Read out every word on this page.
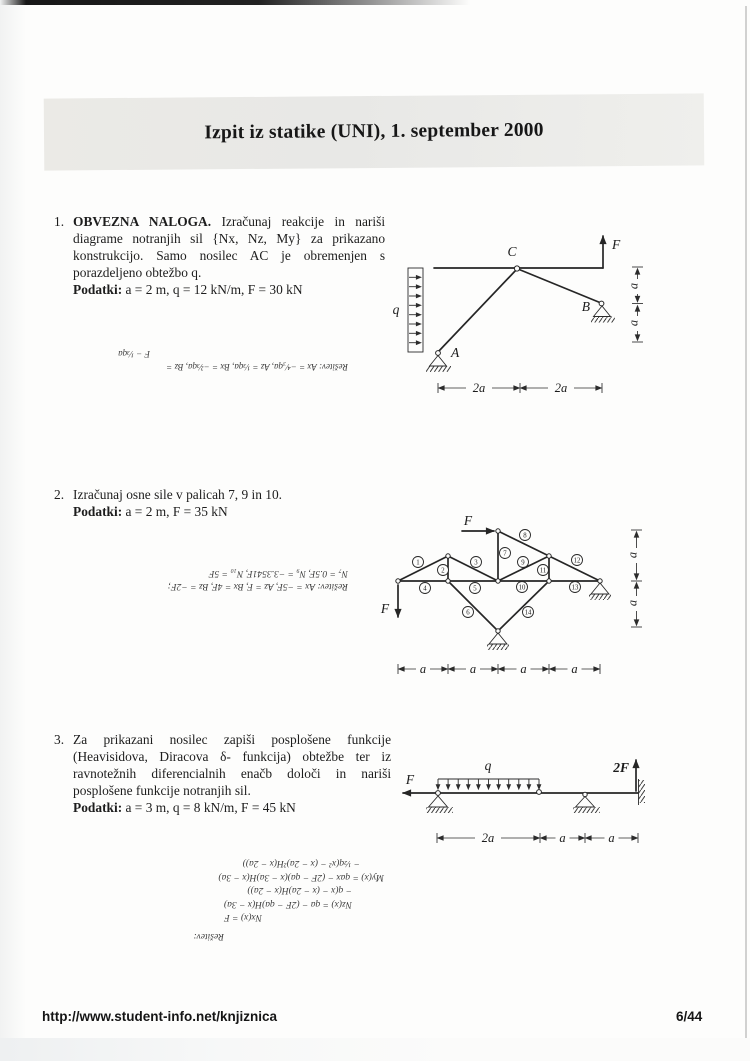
Izpit iz statike (UNI), 1. september 2000
1. OBVEZNA NALOGA. Izračunaj reakcije in nariši diagrame notranjih sil {Nx, Nz, My} za prikazano konstrukcijo. Samo nosilec AC je obremenjen s porazdeljeno obtežbo q.

Podatki: a = 2 m, q = 12 kN/m, F = 30 kN

Rešitev: Ax = −⁴⁄₃qa, Az = ⅓qa, Bx = −⅔qa, Bz =
F − ⅓qa
q
F
C
A
B
2a	2a
a
a
2. Izračunaj osne sile v palicah 7, 9 in 10.

Podatki: a = 2 m, F = 35 kN

Rešitev: Ax = −5F, Az = F, Bx = 4F, Bz = −2F;
N₇ = 0.5F, N₉ = −3.3541F, N₁₀ = 5F
F
F
1
2
3
4	5
6
7
8
9
10
11
12
13
14
a	a	a	a
a
a
3. Za prikazani nosilec zapiši posplošene funkcije (Heavisidova, Diracova δ- funkcija) obtežbe ter iz ravnotežnih diferencialnih enačb določi in nariši posplošene funkcije notranjih sil.

Podatki: a = 3 m, q = 8 kN/m, F = 45 kN

F
q	2F
2a	a	a
Rešitev:
Nx(x) = F
Nz(x) = qa − (2F − qa)H(x − 3a)
− q(x − (x − 2a)H(x − 2a))
My(x) = qax − (2F − qa)(x − 3a)H(x − 3a)
− ½q(x² − (x − 2a)²H(x − 2a))
http://www.student-info.net/knjiznica	6/44
